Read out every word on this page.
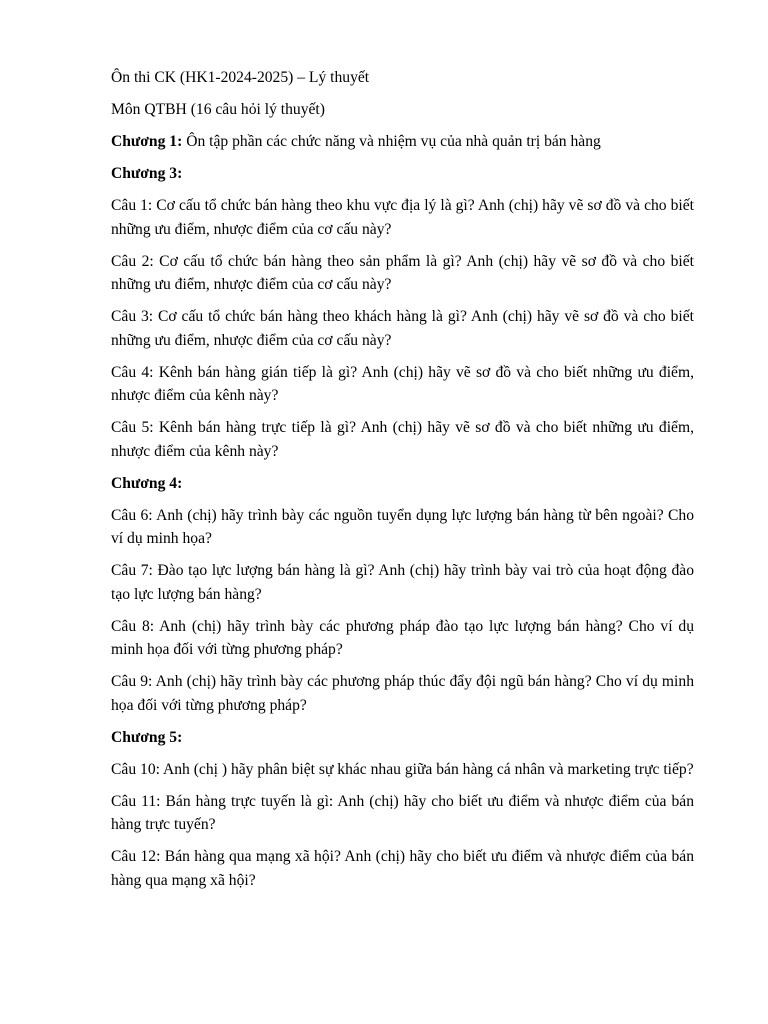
Ôn thi CK (HK1-2024-2025) – Lý thuyết

Môn QTBH (16 câu hỏi lý thuyết)

Chương 1: Ôn tập phần các chức năng và nhiệm vụ của nhà quản trị bán hàng

Chương 3:

Câu 1: Cơ cấu tổ chức bán hàng theo khu vực địa lý là gì? Anh (chị) hãy vẽ sơ đồ và cho biết những ưu điểm, nhược điểm của cơ cấu này?

Câu 2: Cơ cấu tổ chức bán hàng theo sản phẩm là gì? Anh (chị) hãy vẽ sơ đồ và cho biết những ưu điểm, nhược điểm của cơ cấu này?

Câu 3: Cơ cấu tổ chức bán hàng theo khách hàng là gì? Anh (chị) hãy vẽ sơ đồ và cho biết những ưu điểm, nhược điểm của cơ cấu này?

Câu 4: Kênh bán hàng gián tiếp là gì? Anh (chị) hãy vẽ sơ đồ và cho biết những ưu điểm, nhược điểm của kênh này?

Câu 5: Kênh bán hàng trực tiếp là gì? Anh (chị) hãy vẽ sơ đồ và cho biết những ưu điểm, nhược điểm của kênh này?

Chương 4:

Câu 6: Anh (chị) hãy trình bày các nguồn tuyển dụng lực lượng bán hàng từ bên ngoài? Cho ví dụ minh họa?

Câu 7: Đào tạo lực lượng bán hàng là gì? Anh (chị) hãy trình bày vai trò của hoạt động đào tạo lực lượng bán hàng?

Câu 8: Anh (chị) hãy trình bày các phương pháp đào tạo lực lượng bán hàng? Cho ví dụ minh họa đối với từng phương pháp?

Câu 9: Anh (chị) hãy trình bày các phương pháp thúc đẩy đội ngũ bán hàng? Cho ví dụ minh họa đối với từng phương pháp?

Chương 5:

Câu 10: Anh (chị ) hãy phân biệt sự khác nhau giữa bán hàng cá nhân và marketing trực tiếp?

Câu 11: Bán hàng trực tuyến là gì: Anh (chị) hãy cho biết ưu điểm và nhược điểm của bán hàng trực tuyến?

Câu 12: Bán hàng qua mạng xã hội? Anh (chị) hãy cho biết ưu điểm và nhược điểm của bán hàng qua mạng xã hội?
